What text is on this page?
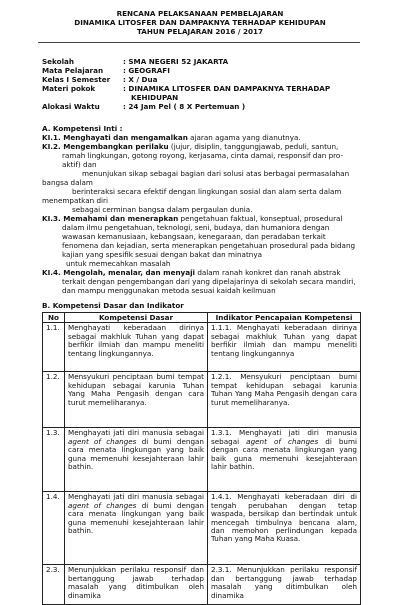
RENCANA PELAKSANAAN PEMBELAJARAN
DINAMIKA LITOSFER DAN DAMPAKNYA TERHADAP KEHIDUPAN
TAHUN PELAJARAN 2016 / 2017
Sekolah	: SMA NEGERI 52 JAKARTA
Mata Pelajaran	: GEOGRAFI
Kelas I Semester : X / Dua
Materi pokok	: DINAMIKA LITOSFER DAN DAMPAKNYA TERHADAP
KEHIDUPAN
Alokasi Waktu	: 24 Jam Pel ( 8 X Pertemuan )
A. Kompetensi Inti :
KI.1. Menghayati dan mengamalkan ajaran agama yang dianutnya.
KI.2. Mengembangkan perilaku (jujur, disiplin, tanggungjawab, peduli, santun,
ramah lingkungan, gotong royong, kerjasama, cinta damai, responsif dan pro-
aktif) dan
menunjukan sikap sebagai bagian dari solusi atas berbagai permasalahan
bangsa dalam
berinteraksi secara efektif dengan lingkungan sosial dan alam serta dalam
menempatkan diri
sebagai cerminan bangsa dalam pergaulan dunia.
KI.3. Memahami dan menerapkan pengetahuan faktual, konseptual, prosedural
dalam ilmu pengetahuan, teknologi, seni, budaya, dan humaniora dengan
wawasan kemanusiaan, kebangsaan, kenegaraan, dan peradaban terkait
fenomena dan kejadian, serta menerapkan pengetahuan prosedural pada bidang
kajian yang spesifik sesuai dengan bakat dan minatnya
untuk memecahkan masalah
KI.4. Mengolah, menalar, dan menyaji dalam ranah konkret dan ranah abstrak
terkait dengan pengembangan dari yang dipelajarinya di sekolah secara mandiri,
dan mampu menggunakan metoda sesuai kaidah keilmuan
B. Kompetensi Dasar dan Indikator
No	Kompetensi Dasar	Indikator Pencapaian Kompetensi
1.1.	Menghayati keberadaan dirinya sebagai makhluk Tuhan yang dapat berfikir ilmiah dan mampu meneliti tentang lingkungannya.	1.1.1. Menghayati keberadaan dirinya sebagai makhluk Tuhan yang dapat berfikir ilmiah dan mampu meneliti tentang lingkungannya
1.2.	Mensyukuri penciptaan bumi tempat kehidupan sebagai karunia Tuhan Yang Maha Pengasih dengan cara turut memeliharanya.	1.2.1. Mensyukuri penciptaan bumi tempat kehidupan sebagai karunia Tuhan Yang Maha Pengasih dengan cara turut memeliharanya.
1.3.	Menghayati jati diri manusia sebagai agent of changes di bumi dengan cara menata lingkungan yang baik guna memenuhi kesejahteraan lahir bathin.	1.3.1. Menghayati jati diri manusia sebagai agent of changes di bumi dengan cara menata lingkungan yang baik guna memenuhi kesejahteraan lahir bathin.
1.4.	Menghayati jati diri manusia sebagai agent of changes di bumi dengan cara menata lingkungan yang baik guna memenuhi kesejahteraan lahir bathin.	1.4.1. Menghayati keberadaan diri di tengah perubahan dengan tetap waspada, bersikap dan bertindak untuk mencegah timbulnya bencana alam, dan memohon perlindungan kepada Tuhan yang Maha Kuasa.
2.3.	Menunjukkan perilaku responsif dan bertanggung jawab terhadap masalah yang ditimbulkan oleh dinamika	2.3.1. Menunjukkan perilaku responsif dan bertanggung jawab terhadap masalah yang ditimbulkan oleh dinamika
